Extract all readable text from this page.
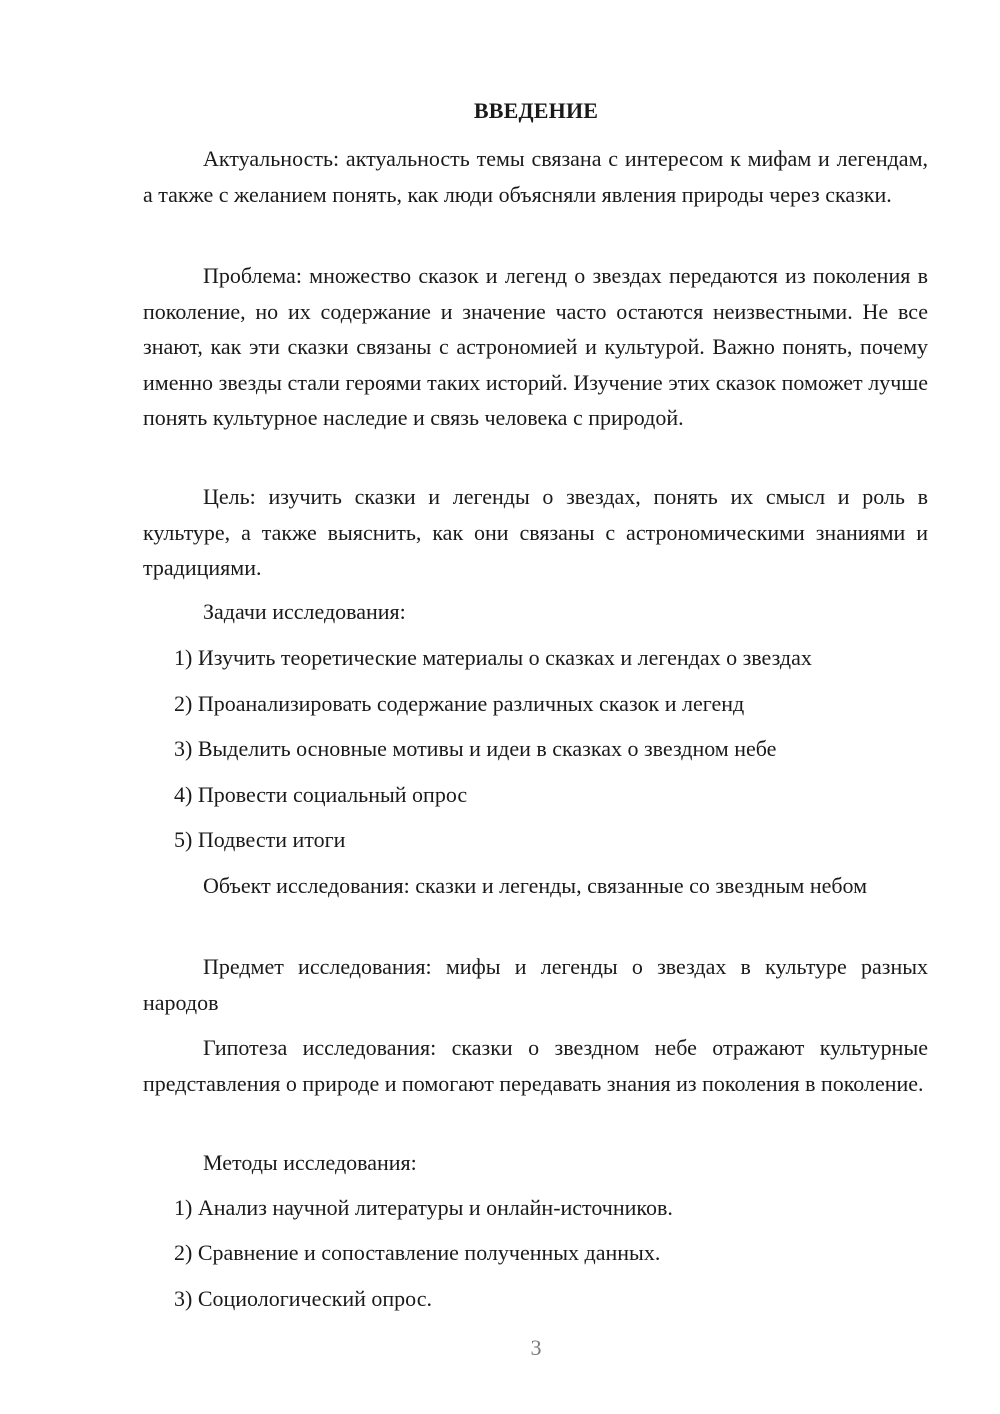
ВВЕДЕНИЕ

Актуальность: актуальность темы связана с интересом к мифам и легендам, а также с желанием понять, как люди объясняли явления природы через сказки.

Проблема: множество сказок и легенд о звездах передаются из поколения в поколение, но их содержание и значение часто остаются неизвестными. Не все знают, как эти сказки связаны с астрономией и культурой. Важно понять, почему именно звезды стали героями таких историй. Изучение этих сказок поможет лучше понять культурное наследие и связь человека с природой.

Цель: изучить сказки и легенды о звездах, понять их смысл и роль в культуре, а также выяснить, как они связаны с астрономическими знаниями и традициями.

Задачи исследования:

1) Изучить теоретические материалы о сказках и легендах о звездах

2) Проанализировать содержание различных сказок и легенд

3) Выделить основные мотивы и идеи в сказках о звездном небе

4) Провести социальный опрос

5) Подвести итоги

Объект исследования: сказки и легенды, связанные со звездным небом

Предмет исследования: мифы и легенды о звездах в культуре разных народов

Гипотеза исследования: сказки о звездном небе отражают культурные представления о природе и помогают передавать знания из поколения в поколение.

Методы исследования:

1) Анализ научной литературы и онлайн-источников.

2) Сравнение и сопоставление полученных данных.

3) Социологический опрос.

3
